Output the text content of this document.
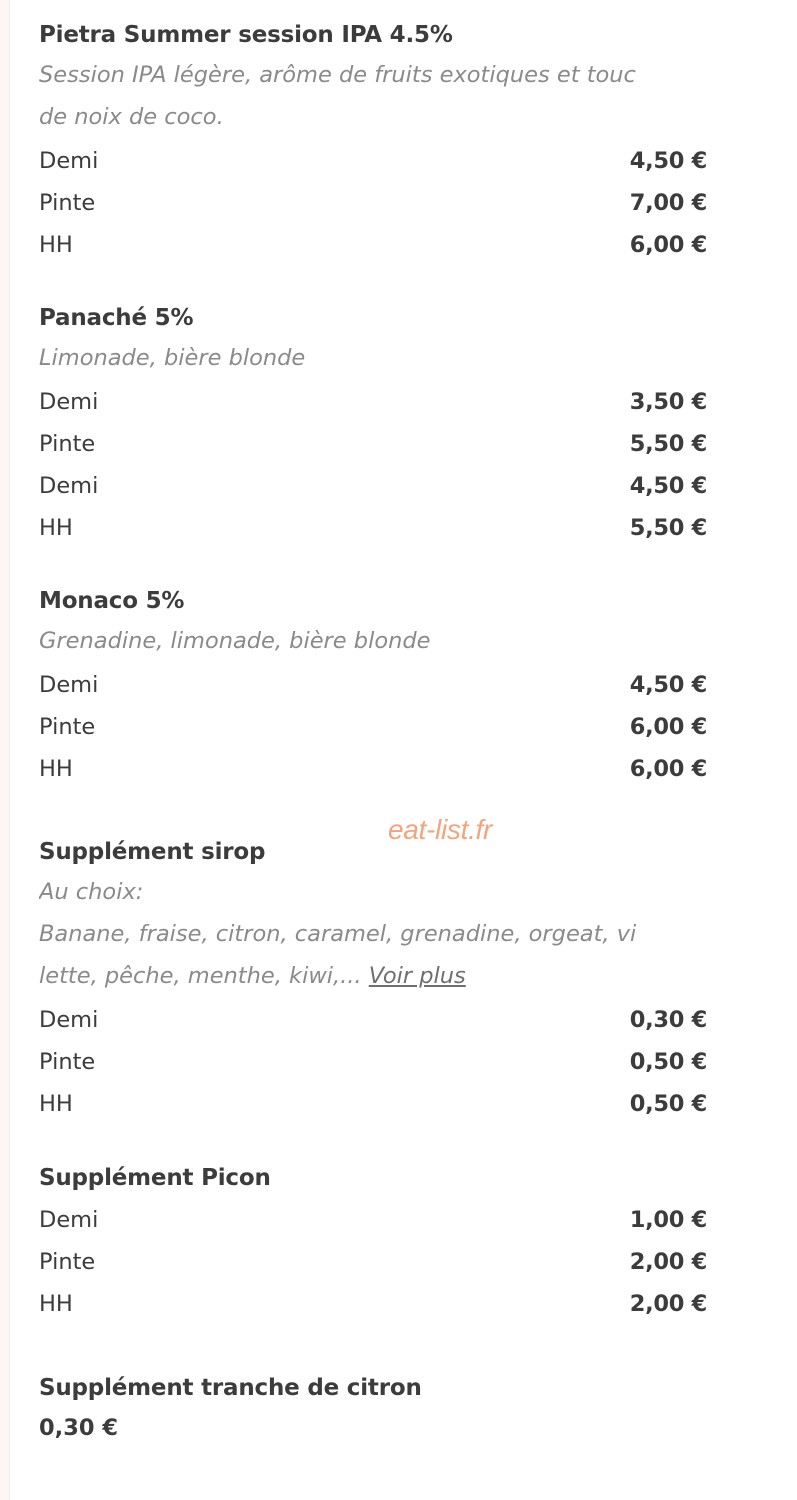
Pietra Summer session IPA 4.5%
Session IPA légère, arôme de fruits exotiques et touc
de noix de coco.
Demi	4,50 €
Pinte	7,00 €
HH	6,00 €
Panaché 5%
Limonade, bière blonde
Demi	3,50 €
Pinte	5,50 €
Demi	4,50 €
HH	5,50 €
Monaco 5%
Grenadine, limonade, bière blonde
Demi	4,50 €
Pinte	6,00 €
HH	6,00 €
Supplément sirop
Au choix:
Banane, fraise, citron, caramel, grenadine, orgeat, vi
lette, pêche, menthe, kiwi,... Voir plus
Demi	0,30 €
Pinte	0,50 €
HH	0,50 €
Supplément Picon
Demi	1,00 €
Pinte	2,00 €
HH	2,00 €
Supplément tranche de citron
0,30 €
eat-list.fr
